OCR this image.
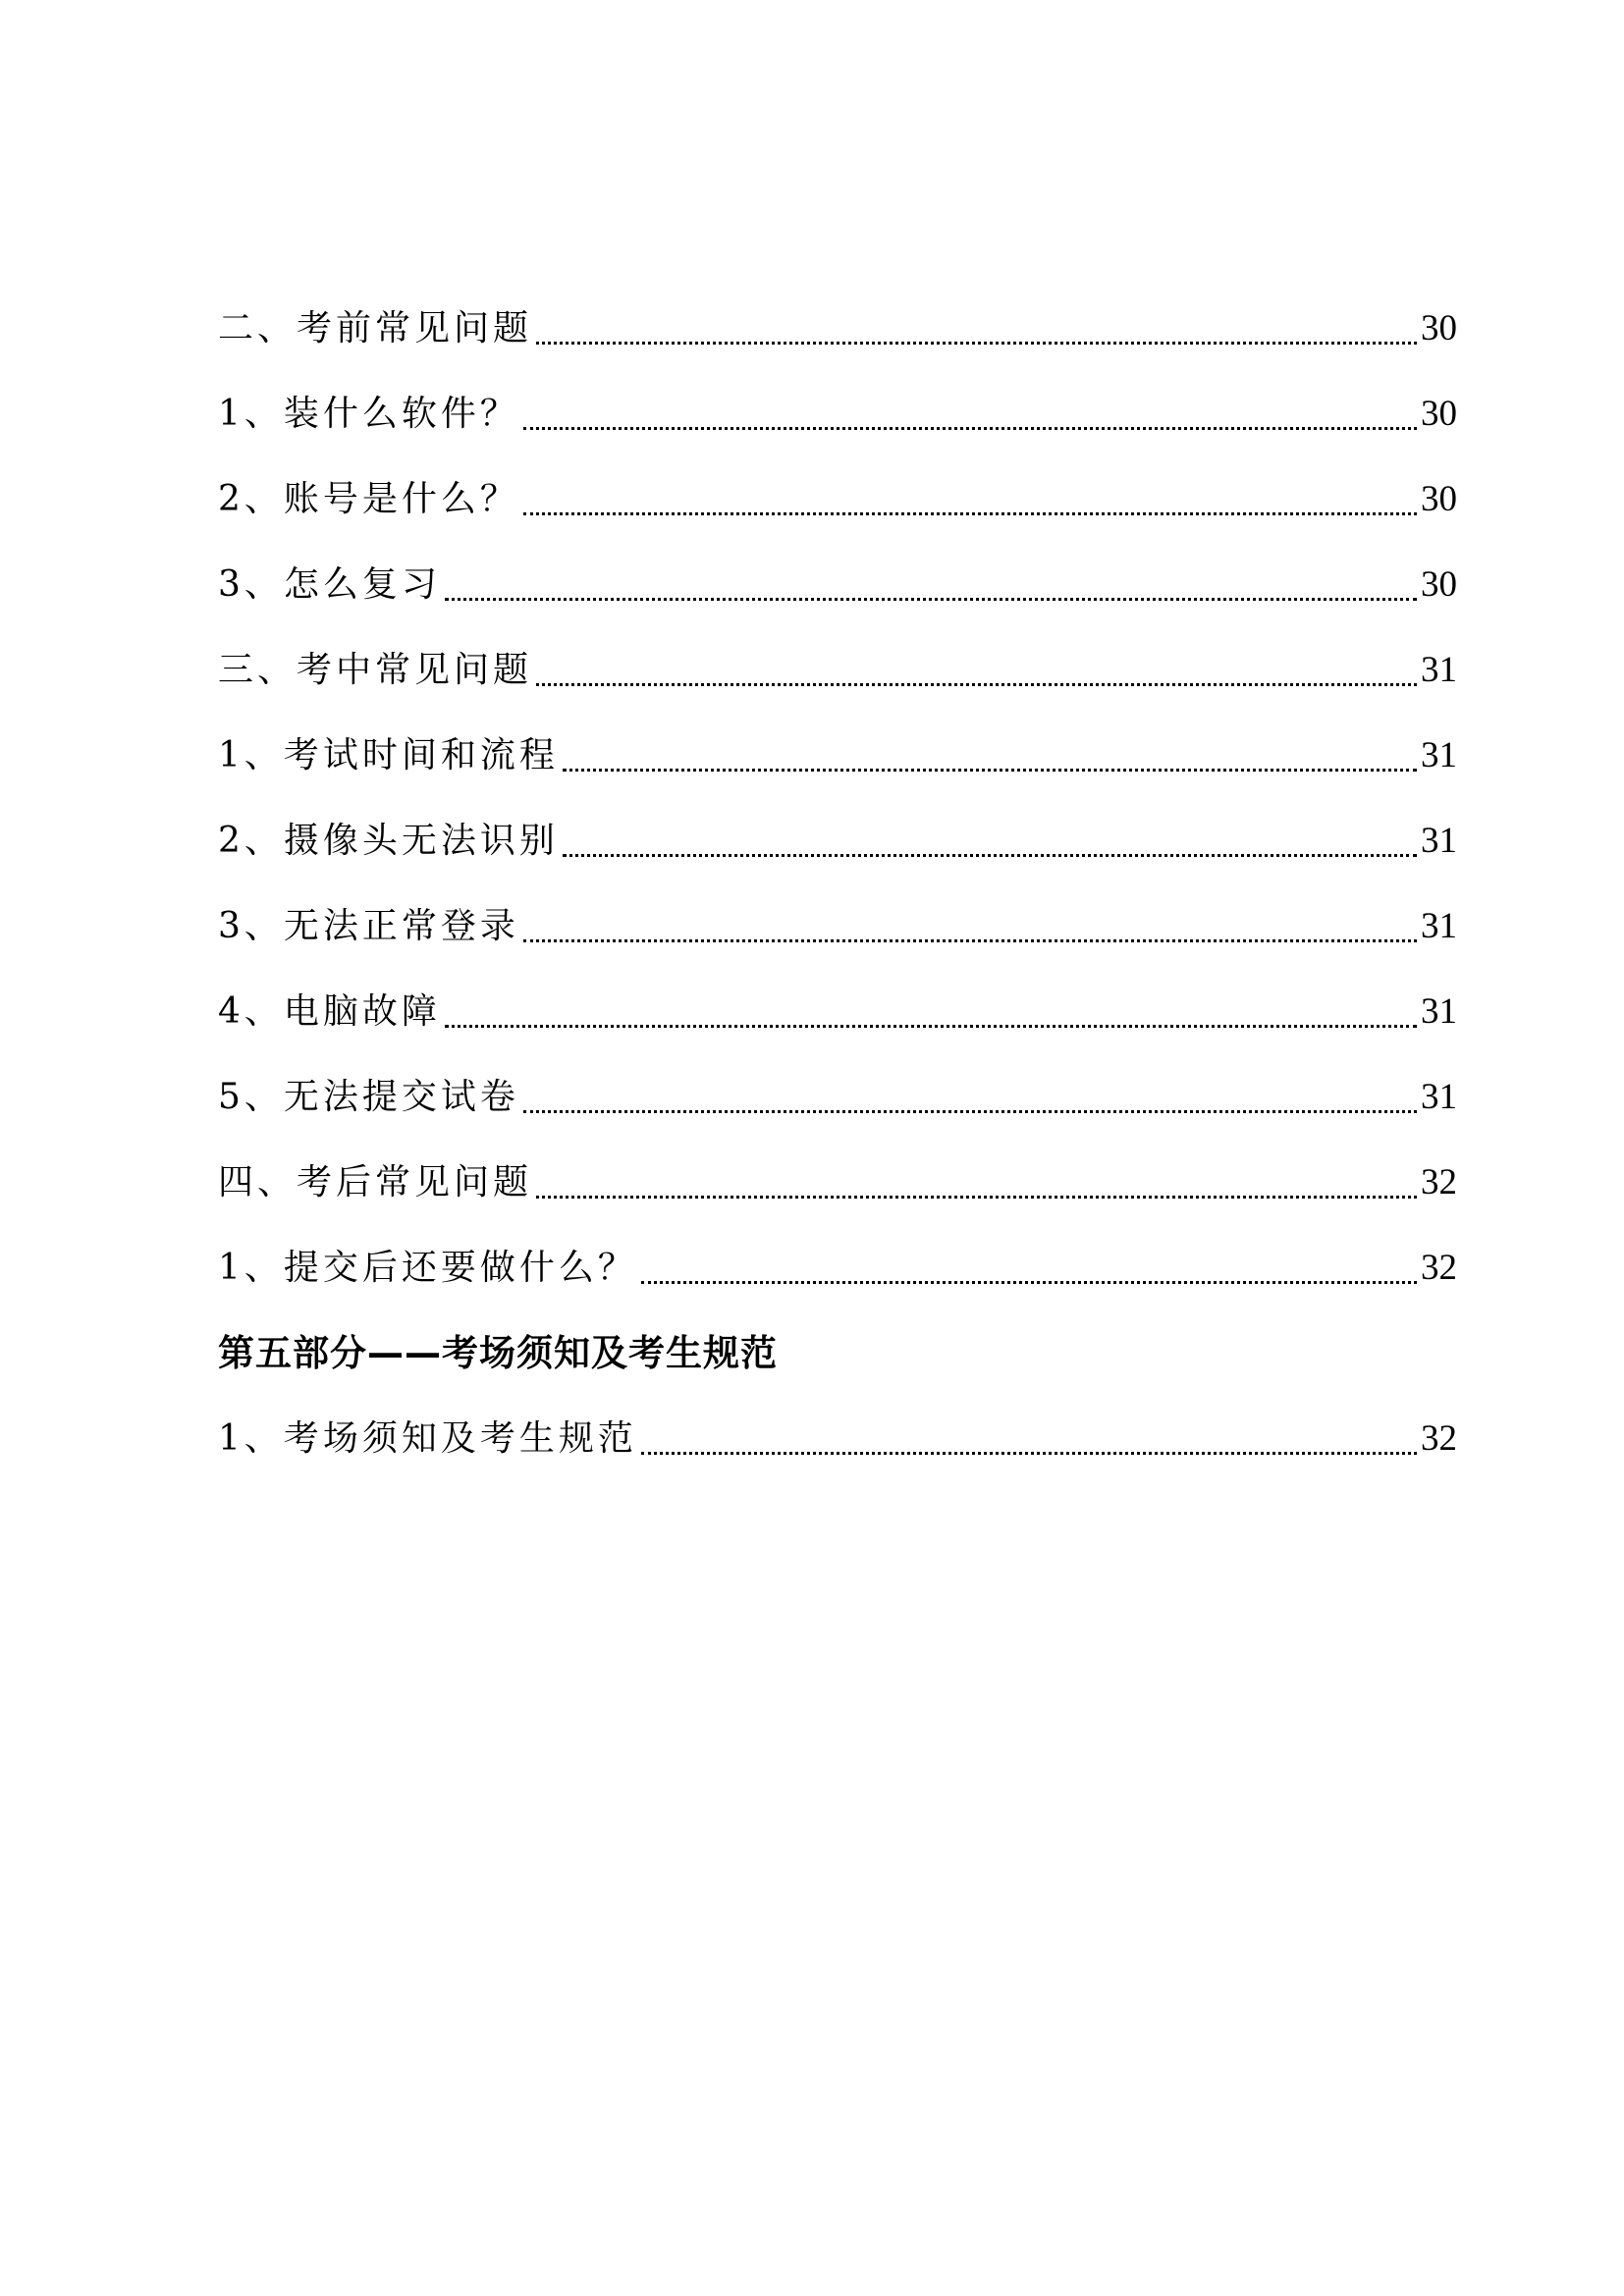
二、考前常见问题	30
1、装什么软件？	30
2、账号是什么？	30
3、怎么复习	30
三、考中常见问题	31
1、考试时间和流程	31
2、摄像头无法识别	31
3、无法正常登录	31
4、电脑故障	31
5、无法提交试卷	31
四、考后常见问题	32
1、提交后还要做什么？	32
第五部分——考场须知及考生规范
1、考场须知及考生规范	32
